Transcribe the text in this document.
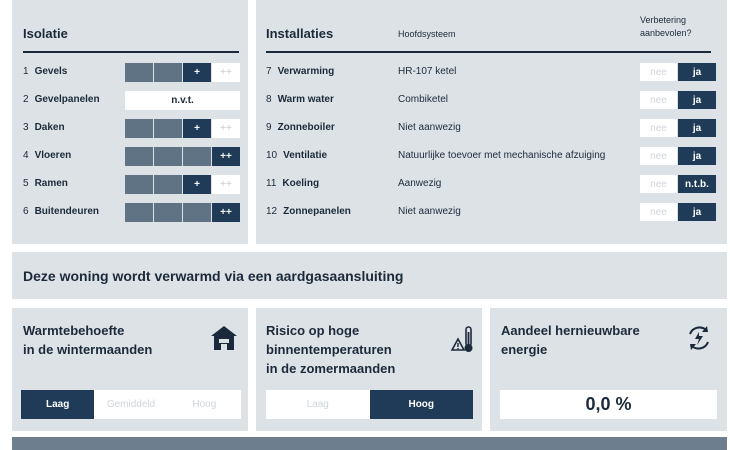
Isolatie
1 Gevels	+	++
2 Gevelpanelen	n.v.t.
3 Daken	+	++
4 Vloeren	++
5 Ramen	+	++
6 Buitendeuren	++
Installaties	Hoofdsysteem
Verbetering aanbevolen?
7 Verwarming	HR-107 ketel	nee	ja
8 Warm water	Combiketel	nee	ja
9 Zonneboiler	Niet aanwezig	nee	ja
10 Ventilatie	Natuurlijke toevoer met mechanische afzuiging	nee	ja
11 Koeling	Aanwezig	nee	n.t.b.
12 Zonnepanelen	Niet aanwezig	nee	ja
Deze woning wordt verwarmd via een aardgasaansluiting
Warmtebehoefte
in de wintermaanden
Laag	Gemiddeld	Hoog
Risico op hoge
binnentemperaturen
in de zomermaanden
Laag	Hoog
Aandeel hernieuwbare
energie
0,0 %
